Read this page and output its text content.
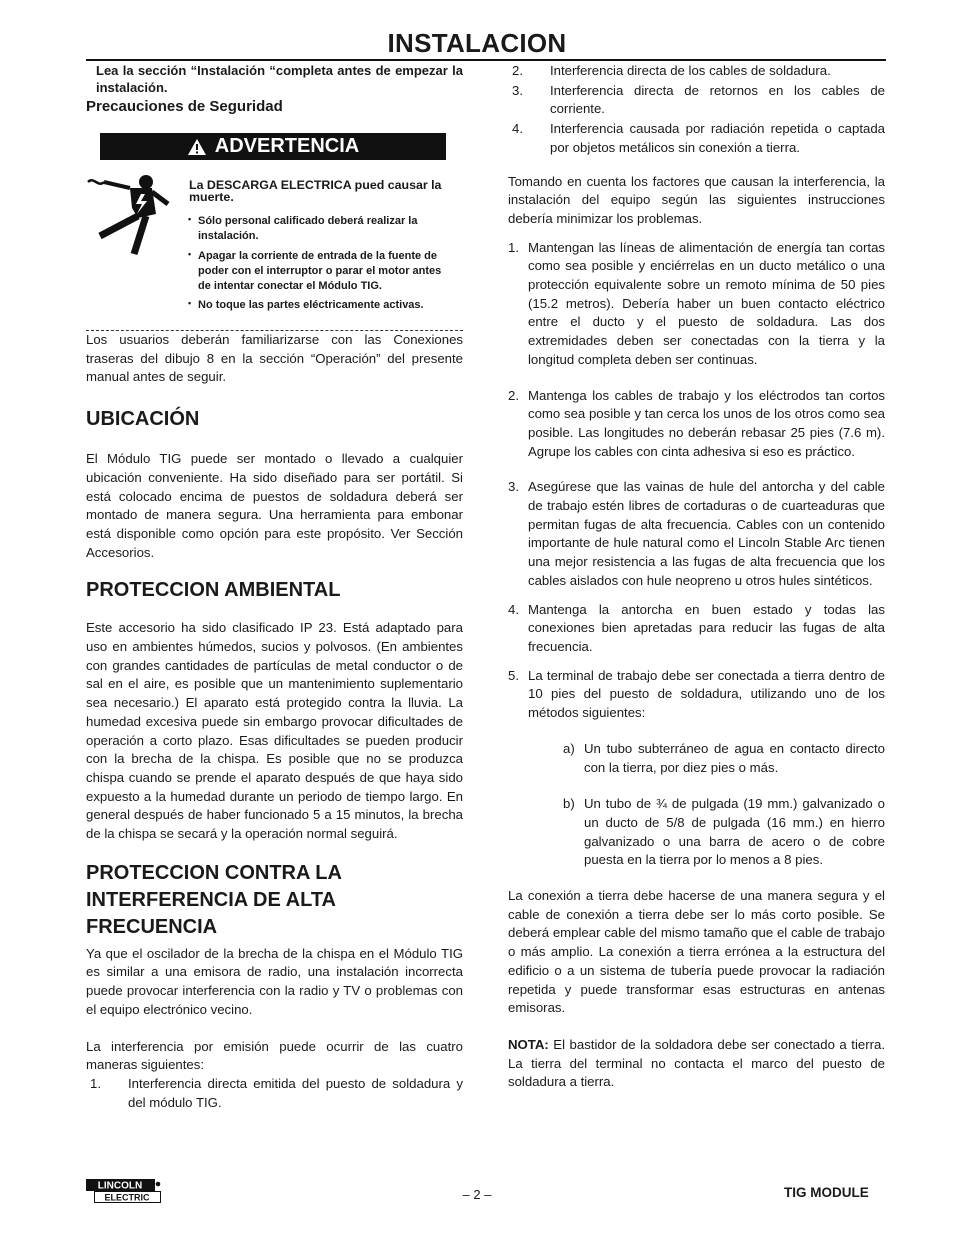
INSTALACION

Lea la sección “Instalación “completa antes de empezar la instalación.

Precauciones de Seguridad
ADVERTENCIA
La DESCARGA ELECTRICA pued causar la muerte.
• Sólo personal calificado deberá realizar la instalación.
• Apagar la corriente de entrada de la fuente de poder con el interruptor o parar el motor antes de intentar conectar el Módulo TIG.
• No toque las partes eléctricamente activas.

Los usuarios deberán familiarizarse con las Conexiones traseras del dibujo 8 en la sección “Operación” del presente manual antes de seguir.

UBICACIÓN

El Módulo TIG puede ser montado o llevado a cualquier ubicación conveniente. Ha sido diseñado para ser portátil. Si está colocado encima de puestos de soldadura deberá ser montado de manera segura. Una herramienta para embonar está disponible como opción para este propósito. Ver Sección Accesorios.

PROTECCION AMBIENTAL

Este accesorio ha sido clasificado IP 23. Está adaptado para uso en ambientes húmedos, sucios y polvosos. (En ambientes con grandes cantidades de partículas de metal conductor o de sal en el aire, es posible que un mantenimiento suplementario sea necesario.) El aparato está protegido contra la lluvia. La humedad excesiva puede sin embargo provocar dificultades de operación a corto plazo. Esas dificultades se pueden producir con la brecha de la chispa. Es posible que no se produzca chispa cuando se prende el aparato después de que haya sido expuesto a la humedad durante un periodo de tiempo largo. En general después de haber funcionado 5 a 15 minutos, la brecha de la chispa se secará y la operación normal seguirá.

PROTECCION CONTRA LA INTERFERENCIA DE ALTA FRECUENCIA

Ya que el oscilador de la brecha de la chispa en el Módulo TIG es similar a una emisora de radio, una instalación incorrecta puede provocar interferencia con la radio y TV o problemas con el equipo electrónico vecino.

La interferencia por emisión puede ocurrir de las cuatro maneras siguientes:

1.	Interferencia directa emitida del puesto de soldadura y del módulo TIG.
2.	Interferencia directa de los cables de soldadura.
3.	Interferencia directa de retornos en los cables de corriente.
4.	Interferencia causada por radiación repetida o captada por objetos metálicos sin conexión a tierra.

Tomando en cuenta los factores que causan la interferencia, la instalación del equipo según las siguientes instrucciones debería minimizar los problemas.

1. Mantengan las líneas de alimentación de energía tan cortas como sea posible y enciérrelas en un ducto metálico o una protección equivalente sobre un remoto mínima de 50 pies (15.2 metros). Debería haber un buen contacto eléctrico entre el ducto y el puesto de soldadura. Las dos extremidades deben ser conectadas con la tierra y la longitud completa deben ser continuas.
2. Mantenga los cables de trabajo y los eléctrodos tan cortos como sea posible y tan cerca los unos de los otros como sea posible. Las longitudes no deberán rebasar 25 pies (7.6 m). Agrupe los cables con cinta adhesiva si eso es práctico.
3. Asegúrese que las vainas de hule del antorcha y del cable de trabajo estén libres de cortaduras o de cuarteaduras que permitan fugas de alta frecuencia. Cables con un contenido importante de hule natural como el Lincoln Stable Arc tienen una mejor resistencia a las fugas de alta frecuencia que los cables aislados con hule neopreno u otros hules sintéticos.
4. Mantenga la antorcha en buen estado y todas las conexiones bien apretadas para reducir las fugas de alta frecuencia.
5. La terminal de trabajo debe ser conectada a tierra dentro de 10 pies del puesto de soldadura, utilizando uno de los métodos siguientes:
a) Un tubo subterráneo de agua en contacto directo con la tierra, por diez pies o más.
b) Un tubo de ¾ de pulgada (19 mm.) galvanizado o un ducto de 5/8 de pulgada (16 mm.) en hierro galvanizado o una barra de acero o de cobre puesta en la tierra por lo menos a 8 pies.

La conexión a tierra debe hacerse de una manera segura y el cable de conexión a tierra debe ser lo más corto posible. Se deberá emplear cable del mismo tamaño que el cable de trabajo o más amplio. La conexión a tierra errónea a la estructura del edificio o a un sistema de tubería puede provocar la radiación repetida y puede transformar esas estructuras en antenas emisoras.

NOTA: El bastidor de la soldadora debe ser conectado a tierra. La tierra del terminal no contacta el marco del puesto de soldadura a tierra.

LINCOLN
ELECTRIC	– 2 –	TIG MODULE
